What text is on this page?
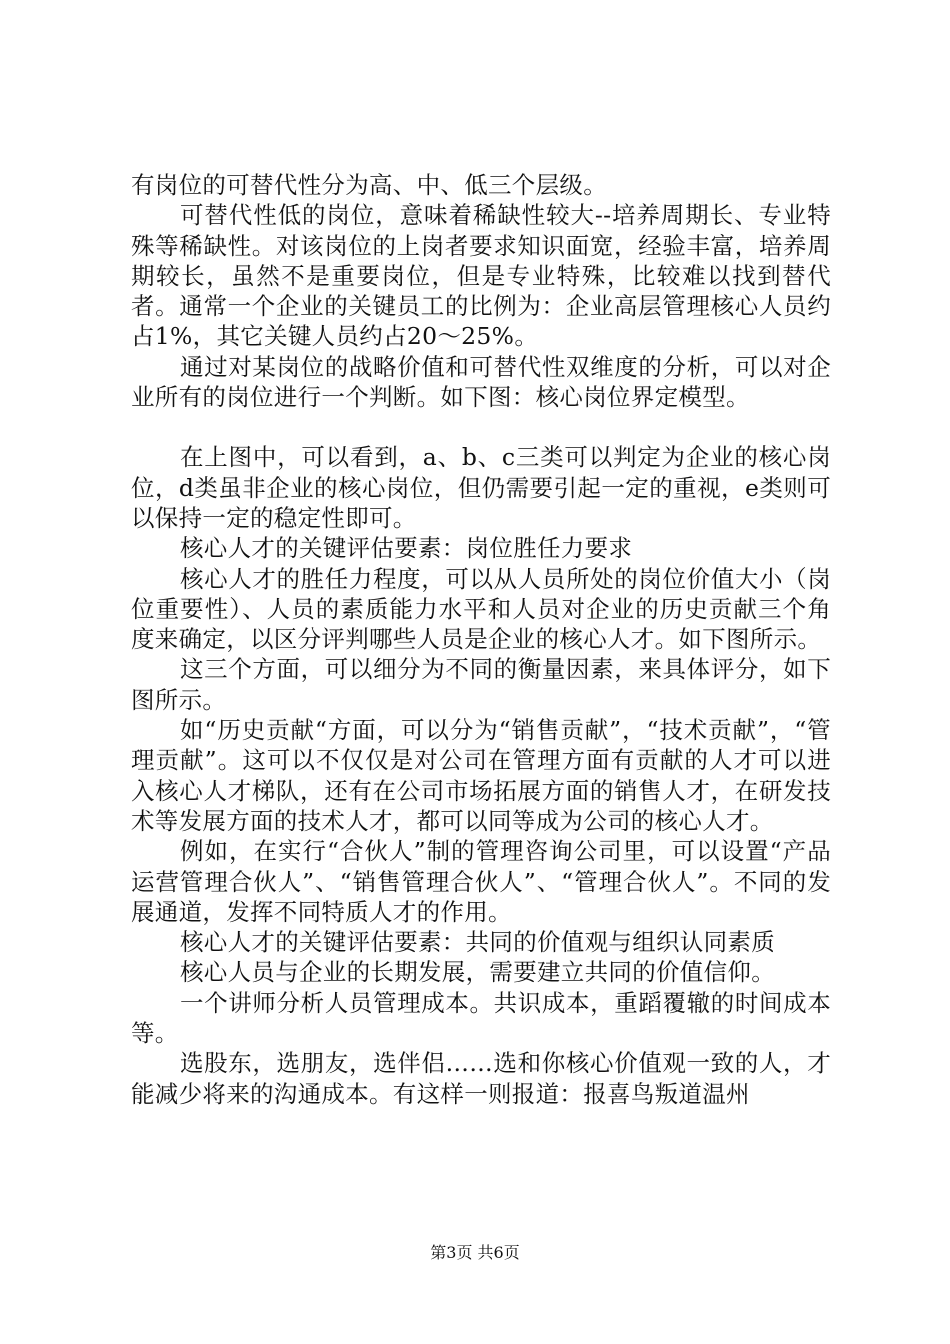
有岗位的可替代性分为高、中、低三个层级。

可替代性低的岗位，意味着稀缺性较大--培养周期长、专业特殊等稀缺性。对该岗位的上岗者要求知识面宽，经验丰富，培养周期较长，虽然不是重要岗位，但是专业特殊，比较难以找到替代者。通常一个企业的关键员工的比例为：企业高层管理核心人员约占1%，其它关键人员约占20～25%。

通过对某岗位的战略价值和可替代性双维度的分析，可以对企业所有的岗位进行一个判断。如下图：核心岗位界定模型。

在上图中，可以看到，a、b、c三类可以判定为企业的核心岗位，d类虽非企业的核心岗位，但仍需要引起一定的重视，e类则可以保持一定的稳定性即可。

核心人才的关键评估要素：岗位胜任力要求

核心人才的胜任力程度，可以从人员所处的岗位价值大小（岗位重要性）、人员的素质能力水平和人员对企业的历史贡献三个角度来确定，以区分评判哪些人员是企业的核心人才。如下图所示。

这三个方面，可以细分为不同的衡量因素，来具体评分，如下图所示。

如“历史贡献“方面，可以分为“销售贡献”，“技术贡献”，“管理贡献”。这可以不仅仅是对公司在管理方面有贡献的人才可以进入核心人才梯队，还有在公司市场拓展方面的销售人才，在研发技术等发展方面的技术人才，都可以同等成为公司的核心人才。

例如，在实行“合伙人”制的管理咨询公司里，可以设置“产品运营管理合伙人”、“销售管理合伙人”、“管理合伙人”。不同的发展通道，发挥不同特质人才的作用。

核心人才的关键评估要素：共同的价值观与组织认同素质

核心人员与企业的长期发展，需要建立共同的价值信仰。

一个讲师分析人员管理成本。共识成本，重蹈覆辙的时间成本等。

选股东，选朋友，选伴侣……选和你核心价值观一致的人，才能减少将来的沟通成本。有这样一则报道：报喜鸟叛道温州

第3页 共6页
